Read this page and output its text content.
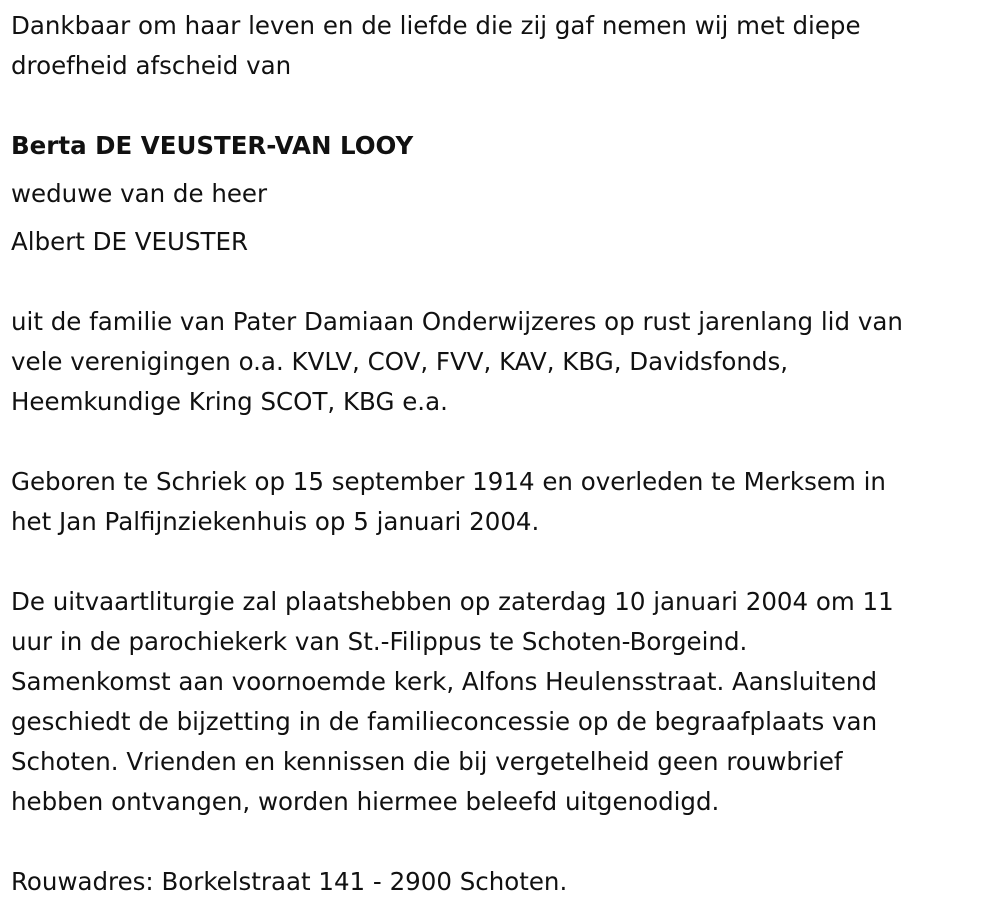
Dankbaar om haar leven en de liefde die zij gaf nemen wij met diepe
droefheid afscheid van

Berta DE VEUSTER-VAN LOOY

weduwe van de heer

Albert DE VEUSTER

uit de familie van Pater Damiaan Onderwijzeres op rust jarenlang lid van
vele verenigingen o.a. KVLV, COV, FVV, KAV, KBG, Davidsfonds,
Heemkundige Kring SCOT, KBG e.a.

Geboren te Schriek op 15 september 1914 en overleden te Merksem in
het Jan Palfijnziekenhuis op 5 januari 2004.

De uitvaartliturgie zal plaatshebben op zaterdag 10 januari 2004 om 11
uur in de parochiekerk van St.-Filippus te Schoten-Borgeind.
Samenkomst aan voornoemde kerk, Alfons Heulensstraat. Aansluitend
geschiedt de bijzetting in de familieconcessie op de begraafplaats van
Schoten. Vrienden en kennissen die bij vergetelheid geen rouwbrief
hebben ontvangen, worden hiermee beleefd uitgenodigd.

Rouwadres: Borkelstraat 141 - 2900 Schoten.
